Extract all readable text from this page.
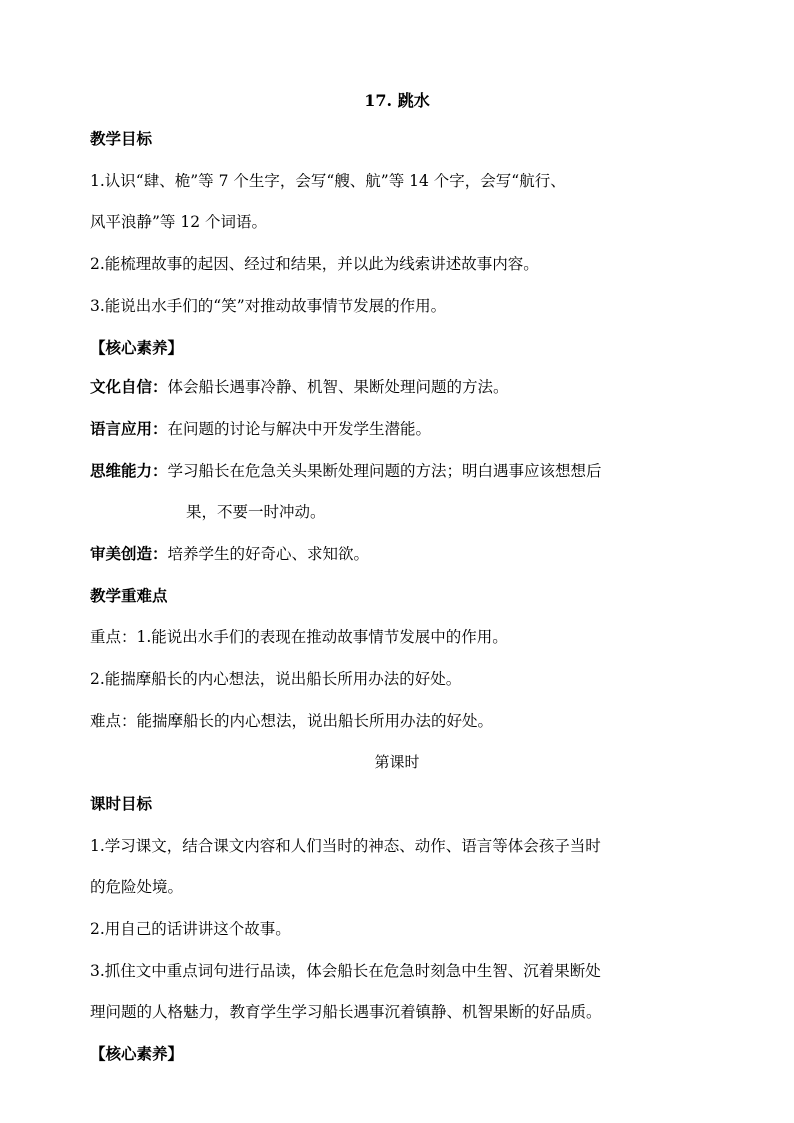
17. 跳水
教学目标
1.认识“肆、桅”等 7 个生字，会写“艘、航”等 14 个字，会写“航行、
风平浪静”等 12 个词语。
2.能梳理故事的起因、经过和结果，并以此为线索讲述故事内容。
3.能说出水手们的“笑”对推动故事情节发展的作用。
【核心素养】
文化自信：体会船长遇事冷静、机智、果断处理问题的方法。
语言应用：在问题的讨论与解决中开发学生潜能。
思维能力：学习船长在危急关头果断处理问题的方法；明白遇事应该想想后
果，不要一时冲动。
审美创造：培养学生的好奇心、求知欲。
教学重难点
重点：1.能说出水手们的表现在推动故事情节发展中的作用。
2.能揣摩船长的内心想法，说出船长所用办法的好处。
难点：能揣摩船长的内心想法，说出船长所用办法的好处。
第课时
课时目标
1.学习课文，结合课文内容和人们当时的神态、动作、语言等体会孩子当时
的危险处境。
2.用自己的话讲讲这个故事。
3.抓住文中重点词句进行品读，体会船长在危急时刻急中生智、沉着果断处
理问题的人格魅力，教育学生学习船长遇事沉着镇静、机智果断的好品质。
【核心素养】
